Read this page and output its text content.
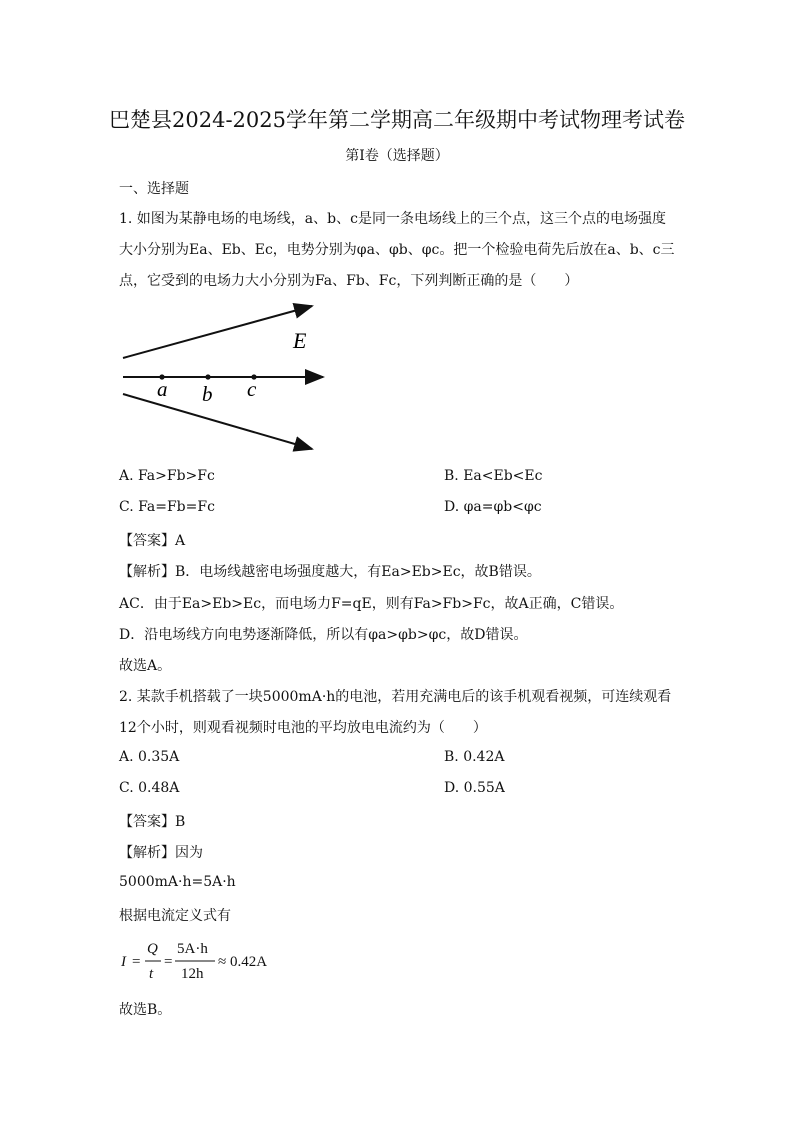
巴楚县2024-2025学年第二学期高二年级期中考试物理考试卷
第Ⅰ卷（选择题）
一、选择题
1. 如图为某静电场的电场线，a、b、c是同一条电场线上的三个点，这三个点的电场强度
大小分别为Ea、Eb、Ec，电势分别为φa、φb、φc。把一个检验电荷先后放在a、b、c三
点，它受到的电场力大小分别为Fa、Fb、Fc，下列判断正确的是（　　）
E
a b c
A. Fa>Fb>Fc	B. Ea<Eb<Ec
C. Fa=Fb=Fc	D. φa=φb<φc
【答案】A
【解析】B．电场线越密电场强度越大，有Ea>Eb>Ec，故B错误。
AC．由于Ea>Eb>Ec，而电场力F=qE，则有Fa>Fb>Fc，故A正确，C错误。
D．沿电场线方向电势逐渐降低，所以有φa>φb>φc，故D错误。
故选A。
2. 某款手机搭载了一块5000mA·h的电池，若用充满电后的该手机观看视频，可连续观看
12个小时，则观看视频时电池的平均放电电流约为（　　）
A. 0.35A	B. 0.42A
C. 0.48A	D. 0.55A
【答案】B
【解析】因为
5000mA·h=5A·h
根据电流定义式有
I =
Q
t
=
5A·h
12h
≈ 0.42A
故选B。
